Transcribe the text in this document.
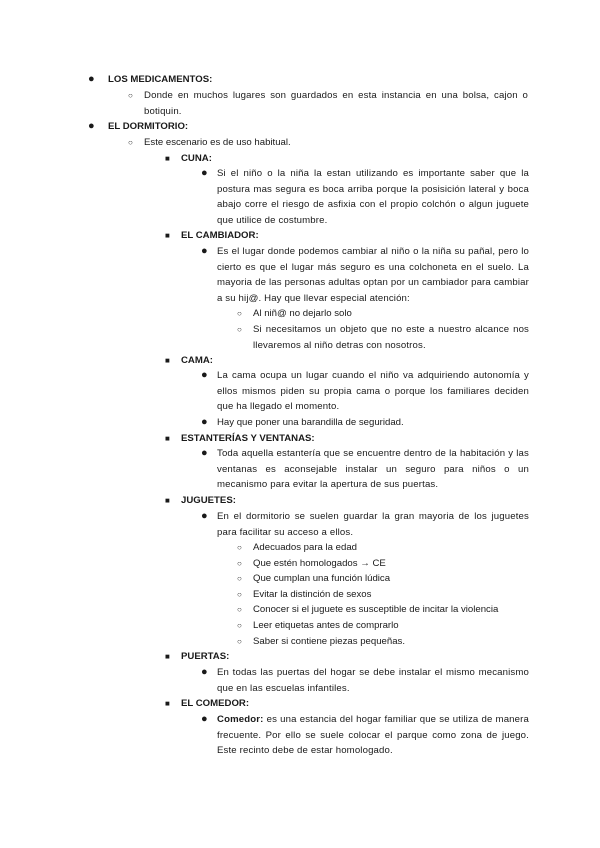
● LOS MEDICAMENTOS:
○ Donde en muchos lugares son guardados en esta instancia en una bolsa, cajon o botiquin.
● EL DORMITORIO:
○ Este escenario es de uso habitual.
■ CUNA:
● Si el niño o la niña la estan utilizando es importante saber que la postura mas segura es boca arriba porque la posisición lateral y boca abajo corre el riesgo de asfixia con el propio colchón o algun juguete que utilice de costumbre.
■ EL CAMBIADOR:
● Es el lugar donde podemos cambiar al niño o la niña su pañal, pero lo cierto es que el lugar más seguro es una colchoneta en el suelo. La mayoria de las personas adultas optan por un cambiador para cambiar a su hij@. Hay que llevar especial atención:
○ Al niñ@ no dejarlo solo
○ Si necesitamos un objeto que no este a nuestro alcance nos llevaremos al niño detras con nosotros.
■ CAMA:
● La cama ocupa un lugar cuando el niño va adquiriendo autonomía y ellos mismos piden su propia cama o porque los familiares deciden que ha llegado el momento.
● Hay que poner una barandilla de seguridad.
■ ESTANTERÍAS Y VENTANAS:
● Toda aquella estantería que se encuentre dentro de la habitación y las ventanas es aconsejable instalar un seguro para niños o un mecanismo para evitar la apertura de sus puertas.
■ JUGUETES:
● En el dormitorio se suelen guardar la gran mayoria de los juguetes para facilitar su acceso a ellos.
○ Adecuados para la edad
○ Que estén homologados → CE
○ Que cumplan una función lúdica
○ Evitar la distinción de sexos
○ Conocer si el juguete es susceptible de incitar la violencia
○ Leer etiquetas antes de comprarlo
○ Saber si contiene piezas pequeñas.
■ PUERTAS:
● En todas las puertas del hogar se debe instalar el mismo mecanismo que en las escuelas infantiles.
■ EL COMEDOR:
● Comedor: es una estancia del hogar familiar que se utiliza de manera frecuente. Por ello se suele colocar el parque como zona de juego. Este recinto debe de estar homologado.
